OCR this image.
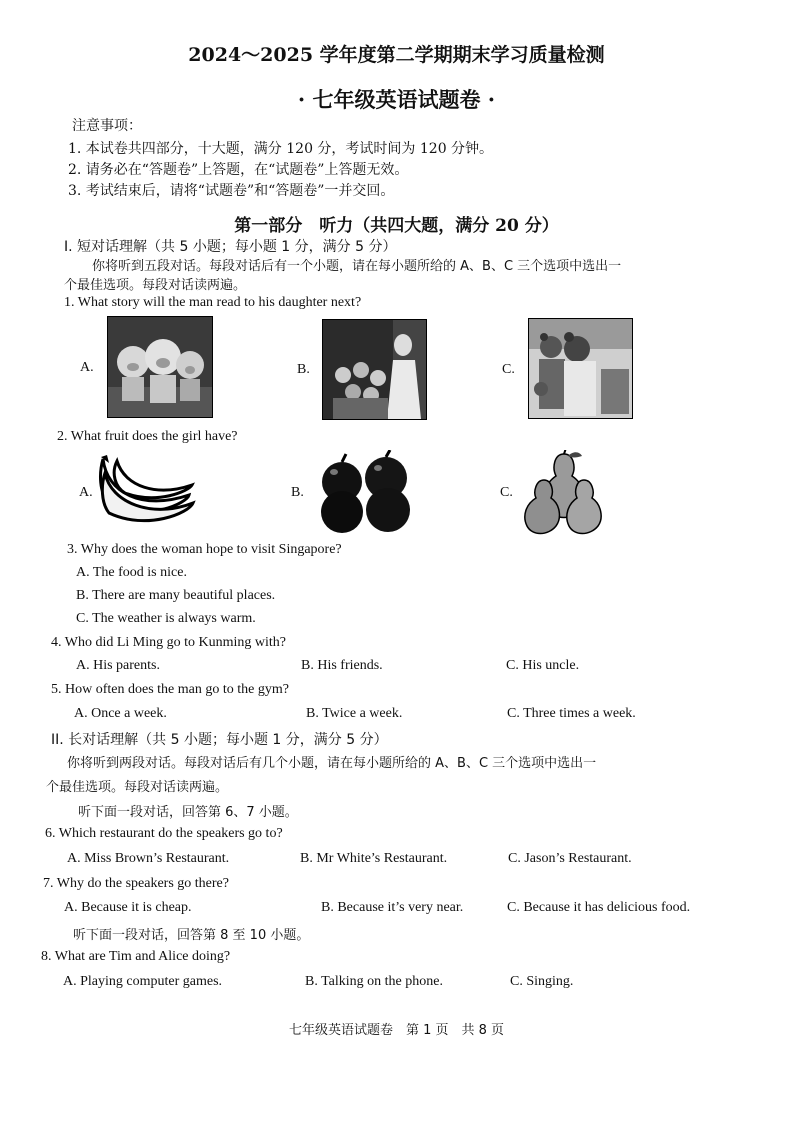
2024～2025 学年度第二学期期末学习质量检测
· 七年级英语试题卷 ·
注意事项：
1. 本试卷共四部分，十大题，满分 120 分，考试时间为 120 分钟。
2. 请务必在“答题卷”上答题，在“试题卷”上答题无效。
3. 考试结束后，请将“试题卷”和“答题卷”一并交回。
第一部分　听力（共四大题，满分 20 分）
I. 短对话理解（共 5 小题；每小题 1 分，满分 5 分）
你将听到五段对话。每段对话后有一个小题，请在每小题所给的 A、B、C 三个选项中选出一
个最佳选项。每段对话读两遍。
1. What story will the man read to his daughter next?
A.	B.	C.
2. What fruit does the girl have?
A.	B.	C.
3. Why does the woman hope to visit Singapore?
A. The food is nice.
B. There are many beautiful places.
C. The weather is always warm.
4. Who did Li Ming go to Kunming with?
A. His parents.	B. His friends.	C. His uncle.
5. How often does the man go to the gym?
A. Once a week.	B. Twice a week.	C. Three times a week.
II. 长对话理解（共 5 小题；每小题 1 分，满分 5 分）
你将听到两段对话。每段对话后有几个小题，请在每小题所给的 A、B、C 三个选项中选出一
个最佳选项。每段对话读两遍。
听下面一段对话，回答第 6、7 小题。
6. Which restaurant do the speakers go to?
A. Miss Brown’s Restaurant.	B. Mr White’s Restaurant.	C. Jason’s Restaurant.
7. Why do the speakers go there?
A. Because it is cheap.	B. Because it’s very near.	C. Because it has delicious food.
听下面一段对话，回答第 8 至 10 小题。
8. What are Tim and Alice doing?
A. Playing computer games.	B. Talking on the phone.	C. Singing.
七年级英语试题卷　第 1 页　共 8 页
